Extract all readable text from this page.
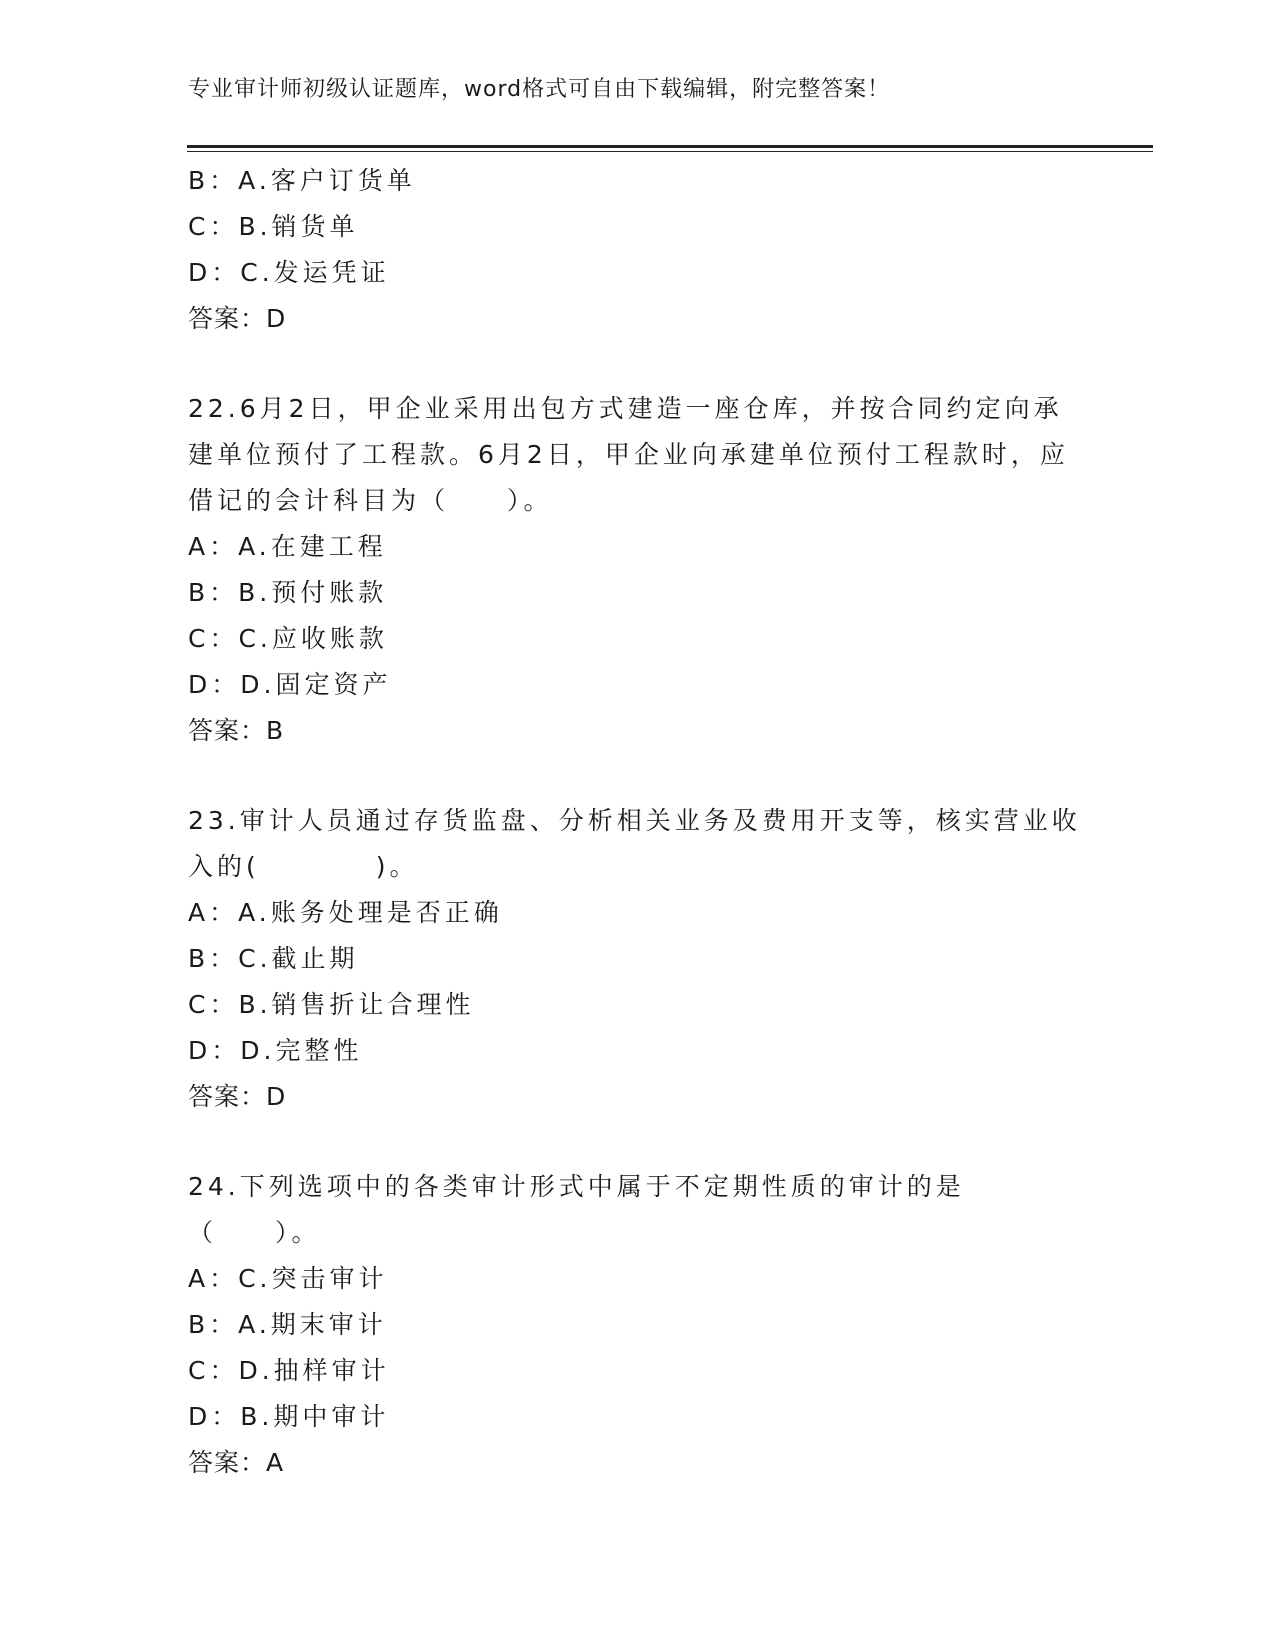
专业审计师初级认证题库，word格式可自由下载编辑，附完整答案！
B：A.客户订货单
C：B.销货单
D：C.发运凭证
答案：D

22.6月2日，甲企业采用出包方式建造一座仓库，并按合同约定向承建单位预付了工程款。6月2日，甲企业向承建单位预付工程款时，应借记的会计科目为（　　）。

A：A.在建工程
B：B.预付账款
C：C.应收账款
D：D.固定资产
答案：B

23.审计人员通过存货监盘、分析相关业务及费用开支等，核实营业收入的(　　　　)。

A：A.账务处理是否正确
B：C.截止期
C：B.销售折让合理性
D：D.完整性
答案：D

24.下列选项中的各类审计形式中属于不定期性质的审计的是（　　）。

A：C.突击审计
B：A.期末审计
C：D.抽样审计
D：B.期中审计
答案：A
